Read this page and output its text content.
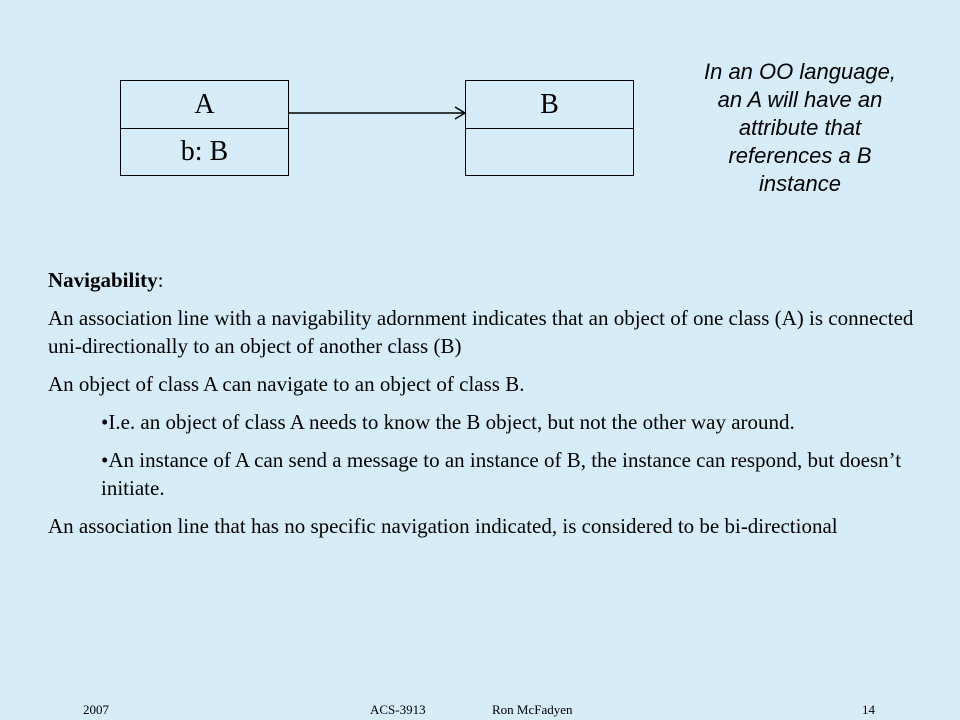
A
b: B
B
In an OO language,
an A will have an
attribute that
references a B
instance

Navigability:

An association line with a navigability adornment indicates that an object of one class (A) is connected uni-directionally to an object of another class (B)

An object of class A can navigate to an object of class B.

•I.e. an object of class A needs to know the B object, but not the other way around.

•An instance of A can send a message to an instance of B, the instance can respond, but doesn’t initiate.

An association line that has no specific navigation indicated, is considered to be bi-directional

2007	ACS-3913	Ron McFadyen	14
